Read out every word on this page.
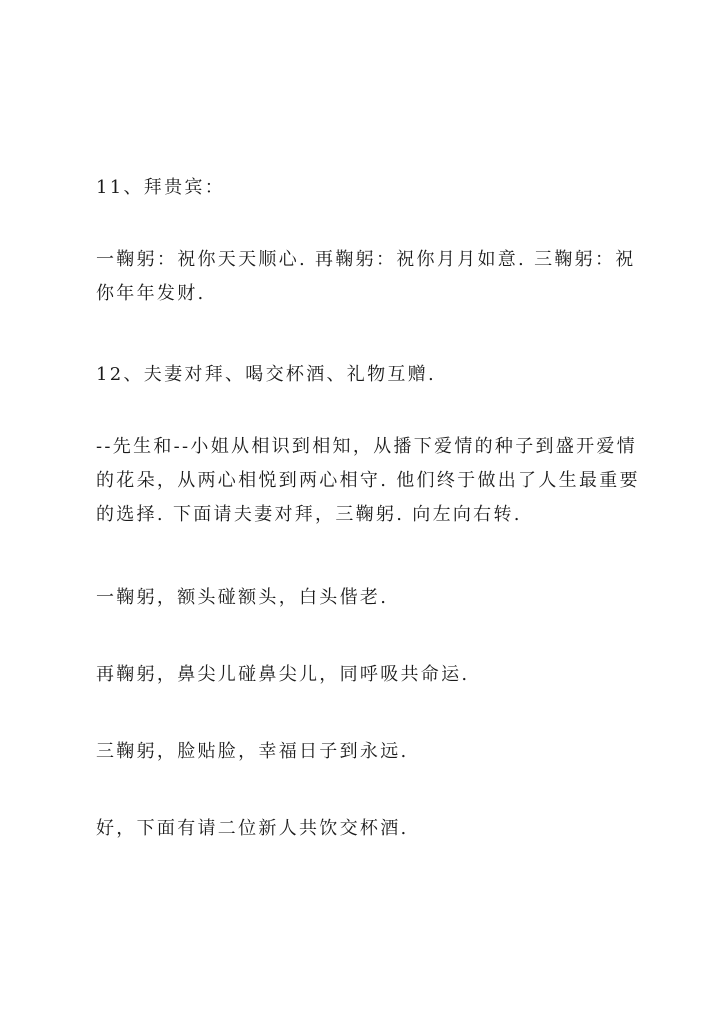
11、拜贵宾：

一鞠躬：祝你天天顺心. 再鞠躬：祝你月月如意. 三鞠躬：祝你年年发财.

12、夫妻对拜、喝交杯酒、礼物互赠.

--先生和--小姐从相识到相知，从播下爱情的种子到盛开爱情的花朵，从两心相悦到两心相守. 他们终于做出了人生最重要的选择. 下面请夫妻对拜，三鞠躬. 向左向右转.

一鞠躬，额头碰额头，白头偕老.

再鞠躬，鼻尖儿碰鼻尖儿，同呼吸共命运.

三鞠躬，脸贴脸，幸福日子到永远.

好，下面有请二位新人共饮交杯酒.
